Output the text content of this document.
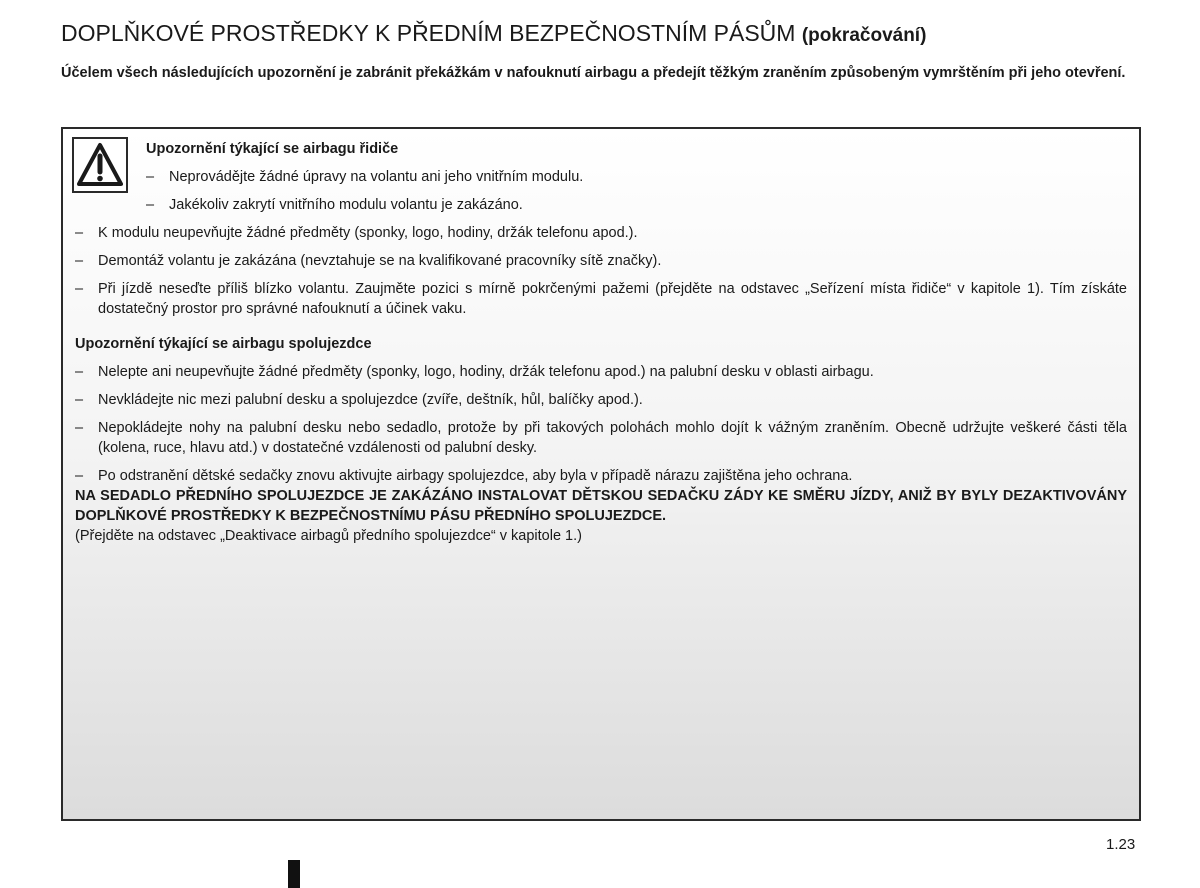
DOPLŇKOVÉ PROSTŘEDKY K PŘEDNÍM BEZPEČNOSTNÍM PÁSŮM (pokračování)
Účelem všech následujících upozornění je zabránit překážkám v nafouknutí airbagu a předejít těžkým zraněním způsobeným vymrštěním při jeho otevření.

Upozornění týkající se airbagu řidiče

– Neprovádějte žádné úpravy na volantu ani jeho vnitřním modulu.

– Jakékoliv zakrytí vnitřního modulu volantu je zakázáno.

– K modulu neupevňujte žádné předměty (sponky, logo, hodiny, držák telefonu apod.).

– Demontáž volantu je zakázána (nevztahuje se na kvalifikované pracovníky sítě značky).

– Při jízdě neseďte příliš blízko volantu. Zaujměte pozici s mírně pokrčenými pažemi (přejděte na odstavec „Seřízení místa řidiče“ v kapitole 1). Tím získáte dostatečný prostor pro správné nafouknutí a účinek vaku.

Upozornění týkající se airbagu spolujezdce

– Nelepte ani neupevňujte žádné předměty (sponky, logo, hodiny, držák telefonu apod.) na palubní desku v oblasti airbagu.

– Nevkládejte nic mezi palubní desku a spolujezdce (zvíře, deštník, hůl, balíčky apod.).

– Nepokládejte nohy na palubní desku nebo sedadlo, protože by při takových polohách mohlo dojít k vážným zraněním. Obecně udržujte veškeré části těla (kolena, ruce, hlavu atd.) v dostatečné vzdálenosti od palubní desky.

– Po odstranění dětské sedačky znovu aktivujte airbagy spolujezdce, aby byla v případě nárazu zajištěna jeho ochrana.

NA SEDADLO PŘEDNÍHO SPOLUJEZDCE JE ZAKÁZÁNO INSTALOVAT DĚTSKOU SEDAČKU ZÁDY KE SMĚRU JÍZDY, ANIŽ BY BYLY DEZAKTIVOVÁNY DOPLŇKOVÉ PROSTŘEDKY K BEZPEČNOSTNÍMU PÁSU PŘEDNÍHO SPOLUJEZDCE.

(Přejděte na odstavec „Deaktivace airbagů předního spolujezdce“ v kapitole 1.)

1.23
